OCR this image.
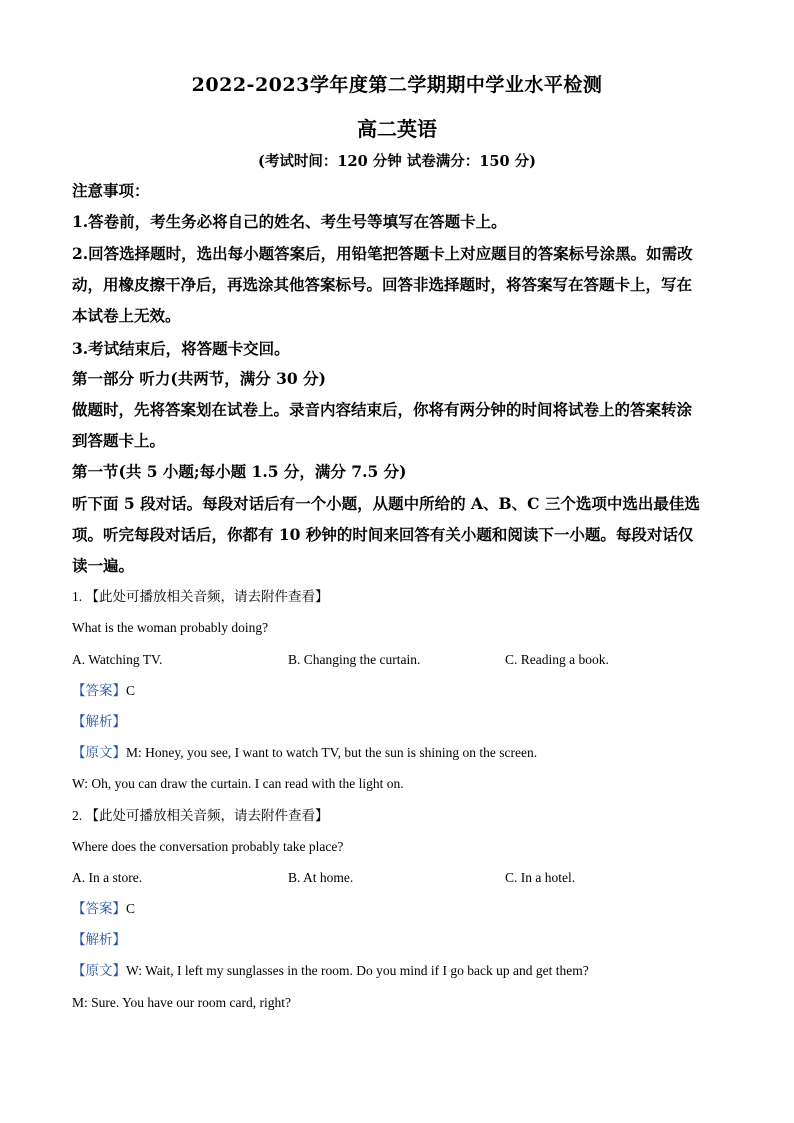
2022-2023学年度第二学期期中学业水平检测
高二英语
(考试时间：120 分钟 试卷满分：150 分)
注意事项：
1.答卷前，考生务必将自己的姓名、考生号等填写在答题卡上。
2.回答选择题时，选出每小题答案后，用铅笔把答题卡上对应题目的答案标号涂黑。如需改
动，用橡皮擦干净后，再选涂其他答案标号。回答非选择题时，将答案写在答题卡上，写在
本试卷上无效。
3.考试结束后，将答题卡交回。
第一部分 听力(共两节，满分 30 分)
做题时，先将答案划在试卷上。录音内容结束后，你将有两分钟的时间将试卷上的答案转涂
到答题卡上。
第一节(共 5 小题;每小题 1.5 分，满分 7.5 分)
听下面 5 段对话。每段对话后有一个小题，从题中所给的 A、B、C 三个选项中选出最佳选
项。听完每段对话后，你都有 10 秒钟的时间来回答有关小题和阅读下一小题。每段对话仅
读一遍。
1. 【此处可播放相关音频，请去附件查看】
What is the woman probably doing?
A. Watching TV.	B. Changing the curtain.	C. Reading a book.
【答案】C
【解析】
【原文】M: Honey, you see, I want to watch TV, but the sun is shining on the screen.
W: Oh, you can draw the curtain. I can read with the light on.
2. 【此处可播放相关音频，请去附件查看】
Where does the conversation probably take place?
A. In a store.	B. At home.	C. In a hotel.
【答案】C
【解析】
【原文】W: Wait, I left my sunglasses in the room. Do you mind if I go back up and get them?
M: Sure. You have our room card, right?
